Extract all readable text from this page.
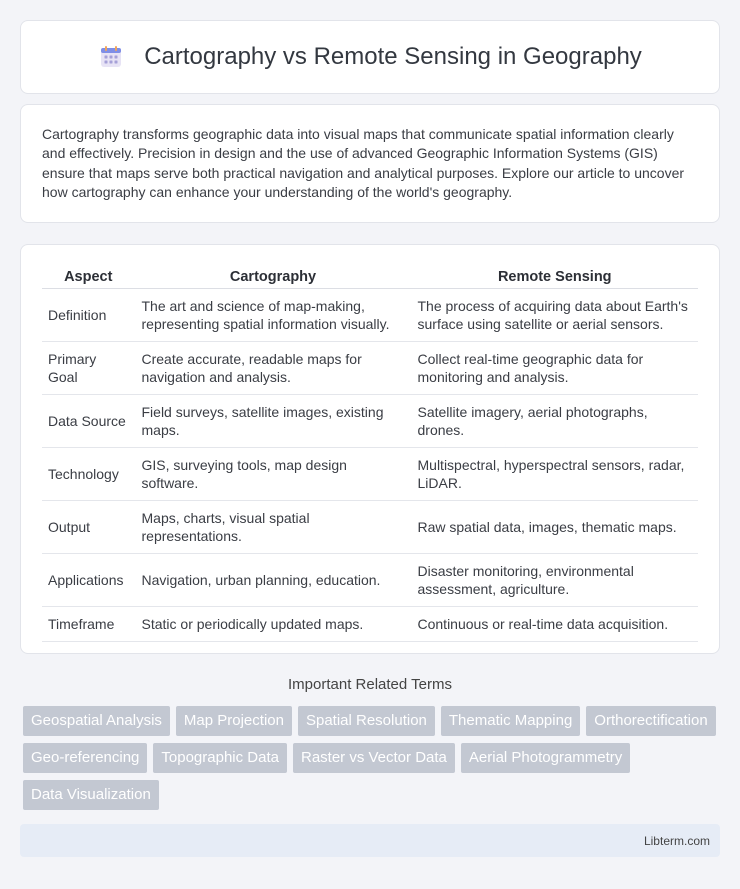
Cartography vs Remote Sensing in Geography

Cartography transforms geographic data into visual maps that communicate spatial information clearly and effectively. Precision in design and the use of advanced Geographic Information Systems (GIS) ensure that maps serve both practical navigation and analytical purposes. Explore our article to uncover how cartography can enhance your understanding of the world's geography.

Aspect	Cartography	Remote Sensing
Definition	The art and science of map-making, representing spatial information visually.	The process of acquiring data about Earth's surface using satellite or aerial sensors.
Primary Goal	Create accurate, readable maps for navigation and analysis.	Collect real-time geographic data for monitoring and analysis.
Data Source	Field surveys, satellite images, existing maps.	Satellite imagery, aerial photographs, drones.
Technology	GIS, surveying tools, map design software.	Multispectral, hyperspectral sensors, radar, LiDAR.
Output	Maps, charts, visual spatial representations.	Raw spatial data, images, thematic maps.
Applications	Navigation, urban planning, education.	Disaster monitoring, environmental assessment, agriculture.
Timeframe	Static or periodically updated maps.	Continuous or real-time data acquisition.
Important Related Terms
Geospatial Analysis	Map Projection	Spatial Resolution	Thematic Mapping	Orthorectification
Geo-referencing	Topographic Data	Raster vs Vector Data	Aerial Photogrammetry
Data Visualization
Libterm.com
